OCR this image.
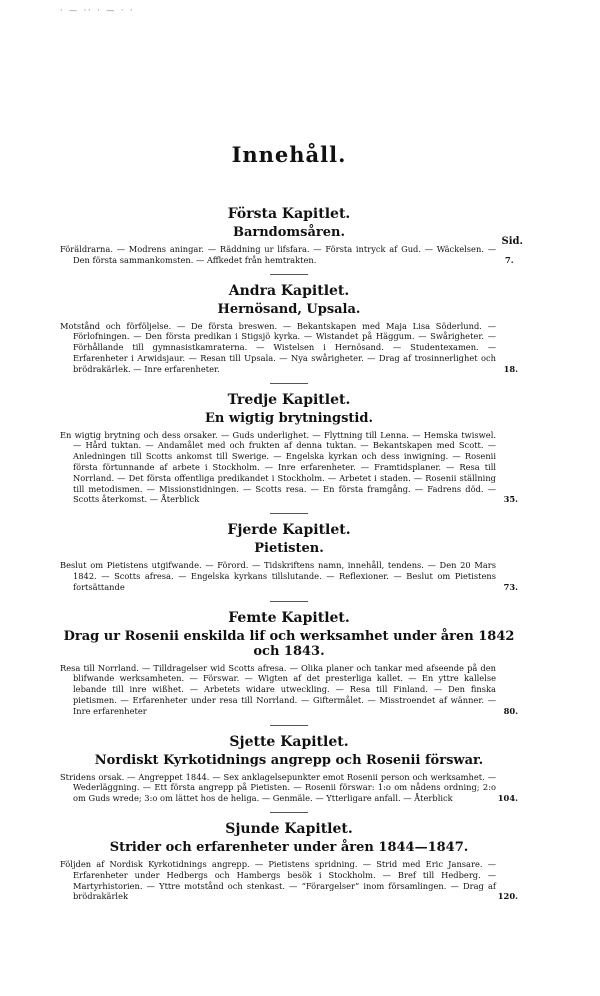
· — ·· · — · ·
Innehåll.
Sid.
Första Kapitlet.
Barndomsåren.
Föräldrarna. — Modrens aningar. — Räddning ur lifsfara. — Första intryck af Gud. — Wäckelsen. — Den första sammankomsten. — Affkedet från hemtrakten.	7.
Andra Kapitlet.
Hernösand, Upsala.
Motstånd och förföljelse. — De första breswen. — Bekantskapen med Maja Lisa Söderlund. — Förlofningen. — Den första predikan i Stigsjö kyrka. — Wistandet på Häggum. — Swårigheter. — Förhållande till gymnasistkamraterna. — Wistelsen i Hernösand. — Studentexamen. — Erfarenheter i Arwidsjaur. — Resan till Upsala. — Nya swårigheter. — Drag af trosinnerlighet och brödrakärlek. — Inre erfarenheter.	18.
Tredje Kapitlet.
En wigtig brytningstid.
En wigtig brytning och dess orsaker. — Guds underlighet. — Flyttning till Lenna. — Hemska twiswel. — Hård tuktan. — Andamålet med och frukten af denna tuktan. — Bekantskapen med Scott. — Anledningen till Scotts ankomst till Swerige. — Engelska kyrkan och dess inwigning. — Rosenii första förtunnande af arbete i Stockholm. — Inre erfarenheter. — Framtidsplaner. — Resa till Norrland. — Det första offentliga predikandet i Stockholm. — Arbetet i staden. — Rosenii ställning till metodismen. — Missionstidningen. — Scotts resa. — En första framgång. — Fadrens död. — Scotts återkomst. — Återblick	35.
Fjerde Kapitlet.
Pietisten.
Beslut om Pietistens utgifwande. — Förord. — Tidskriftens namn, innehåll, tendens. — Den 20 Mars 1842. — Scotts afresa. — Engelska kyrkans tillslutande. — Reflexioner. — Beslut om Pietistens fortsättande	73.
Femte Kapitlet.
Drag ur Rosenii enskilda lif och werksamhet under åren 1842 och 1843.
Resa till Norrland. — Tilldragelser wid Scotts afresa. — Olika planer och tankar med afseende på den blifwande werksamheten. — Förswar. — Wigten af det presterliga kallet. — En yttre kallelse lebande till inre wißhet. — Arbetets widare utweckling. — Resa till Finland. — Den finska pietismen. — Erfarenheter under resa till Norrland. — Giftermålet. — Misstroendet af wänner. — Inre erfarenheter	80.
Sjette Kapitlet.
Nordiskt Kyrkotidnings angrepp och Rosenii förswar.
Stridens orsak. — Angreppet 1844. — Sex anklagelsepunkter emot Rosenii person och werksamhet. — Wederläggning. — Ett första angrepp på Pietisten. — Rosenii förswar: 1:o om nådens ordning; 2:o om Guds wrede; 3:o om lättet hos de heliga. — Genmäle. — Ytterligare anfall. — Återblick	104.
Sjunde Kapitlet.
Strider och erfarenheter under åren 1844—1847.
Följden af Nordisk Kyrkotidnings angrepp. — Pietistens spridning. — Strid med Eric Jansare. — Erfarenheter under Hedbergs och Hambergs besök i Stockholm. — Bref till Hedberg. — Martyrhistorien. — Yttre motstånd och stenkast. — “Förargelser” inom församlingen. — Drag af brödrakärlek	120.
